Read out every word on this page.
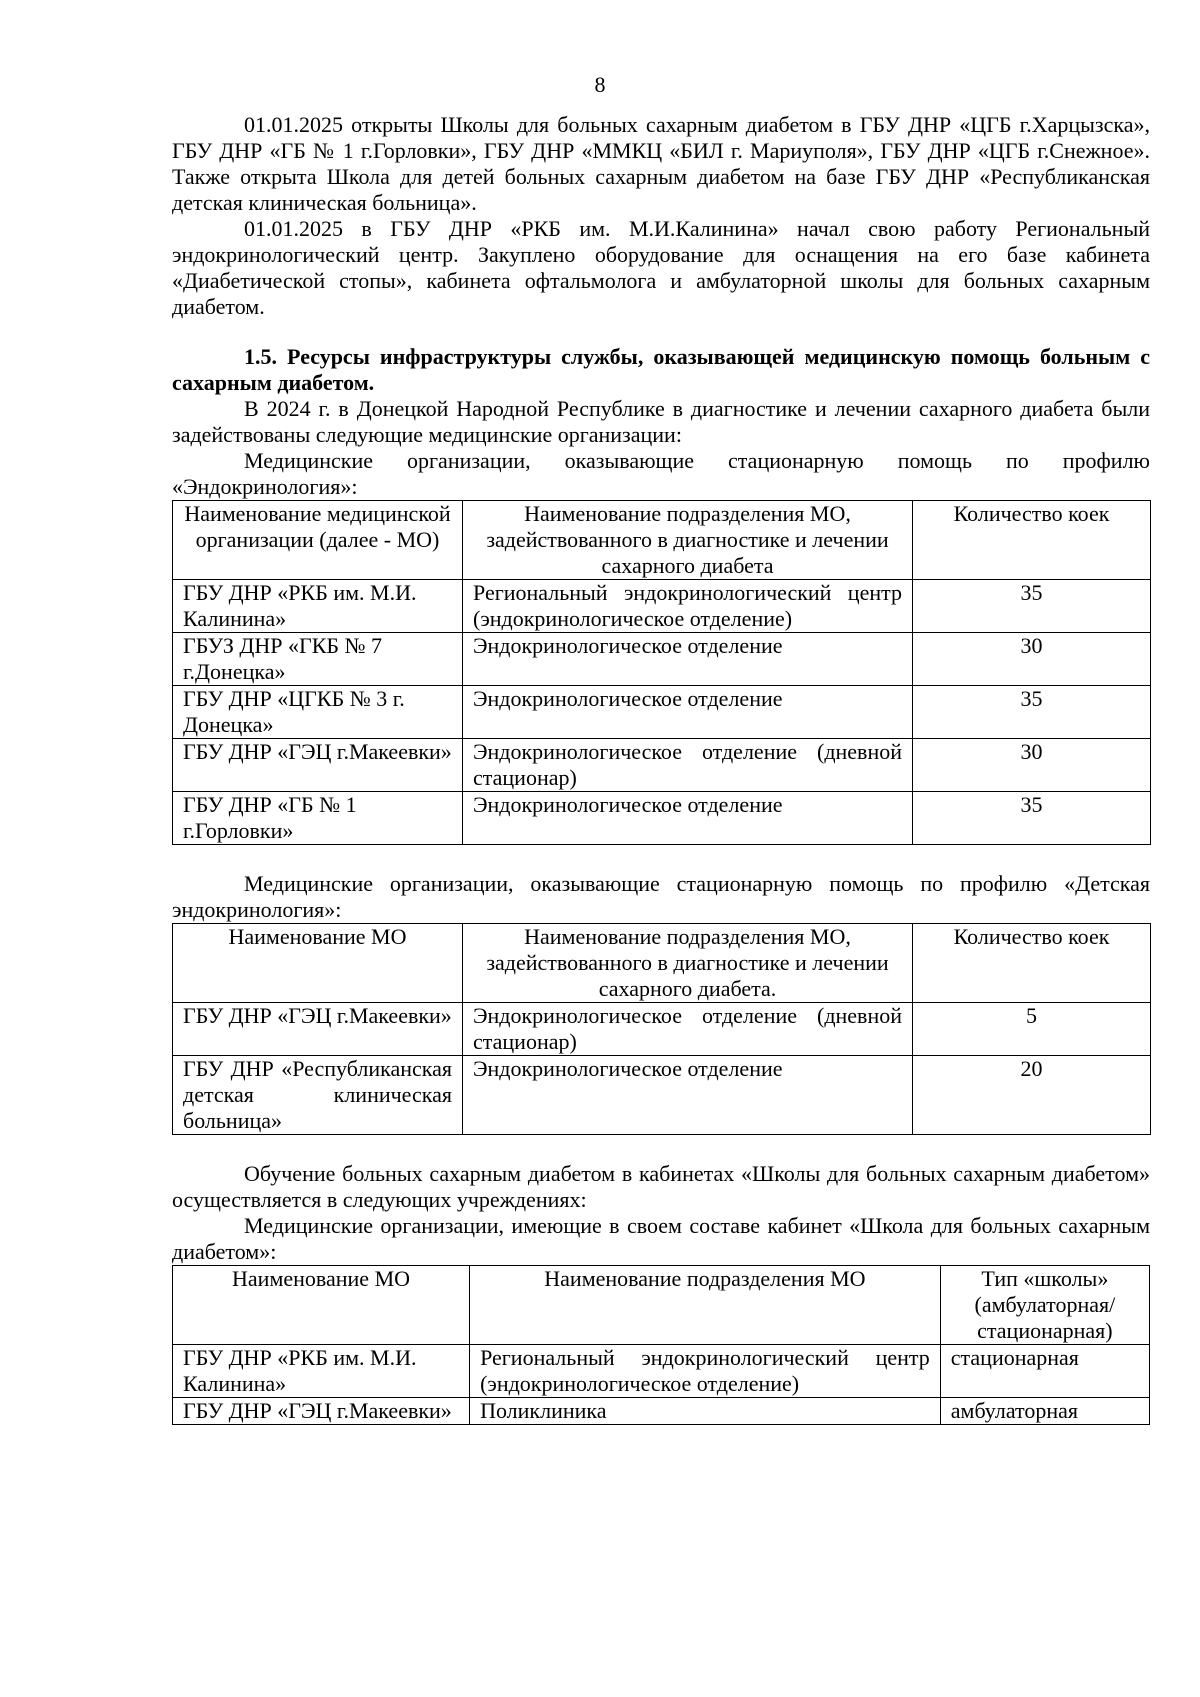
8

01.01.2025 открыты Школы для больных сахарным диабетом в ГБУ ДНР «ЦГБ г.Харцызска», ГБУ ДНР «ГБ № 1 г.Горловки», ГБУ ДНР «ММКЦ «БИЛ г. Мариуполя», ГБУ ДНР «ЦГБ г.Снежное». Также открыта Школа для детей больных сахарным диабетом на базе ГБУ ДНР «Республиканская детская клиническая больница».

01.01.2025 в ГБУ ДНР «РКБ им. М.И.Калинина» начал свою работу Региональный эндокринологический центр. Закуплено оборудование для оснащения на его базе кабинета «Диабетической стопы», кабинета офтальмолога и амбулаторной школы для больных сахарным диабетом.

1.5. Ресурсы инфраструктуры службы, оказывающей медицинскую помощь больным с сахарным диабетом.

В 2024 г. в Донецкой Народной Республике в диагностике и лечении сахарного диабета были задействованы следующие медицинские организации:

Медицинские организации, оказывающие стационарную помощь по профилю «Эндокринология»:

Наименование медицинской организации (далее - МО)	Наименование подразделения МО, задействованного в диагностике и лечении сахарного диабета	Количество коек
ГБУ ДНР «РКБ им. М.И. Калинина»	Региональный эндокринологический центр (эндокринологическое отделение)	35
ГБУЗ ДНР «ГКБ № 7 г.Донецка»	Эндокринологическое отделение	30
ГБУ ДНР «ЦГКБ № 3 г. Донецка»	Эндокринологическое отделение	35
ГБУ ДНР «ГЭЦ г.Макеевки»	Эндокринологическое отделение (дневной стационар)	30
ГБУ ДНР «ГБ № 1 г.Горловки»	Эндокринологическое отделение	35

Медицинские организации, оказывающие стационарную помощь по профилю «Детская эндокринология»:

Наименование МО	Наименование подразделения МО, задействованного в диагностике и лечении сахарного диабета.	Количество коек
ГБУ ДНР «ГЭЦ г.Макеевки»	Эндокринологическое отделение (дневной стационар)	5
ГБУ ДНР «Республиканская детская клиническая больница»	Эндокринологическое отделение	20

Обучение больных сахарным диабетом в кабинетах «Школы для больных сахарным диабетом» осуществляется в следующих учреждениях:

Медицинские организации, имеющие в своем составе кабинет «Школа для больных сахарным диабетом»:

Наименование МО	Наименование подразделения МО	Тип «школы» (амбулаторная/ стационарная)
ГБУ ДНР «РКБ им. М.И. Калинина»	Региональный эндокринологический центр (эндокринологическое отделение)	стационарная
ГБУ ДНР «ГЭЦ г.Макеевки»	Поликлиника	амбулаторная
